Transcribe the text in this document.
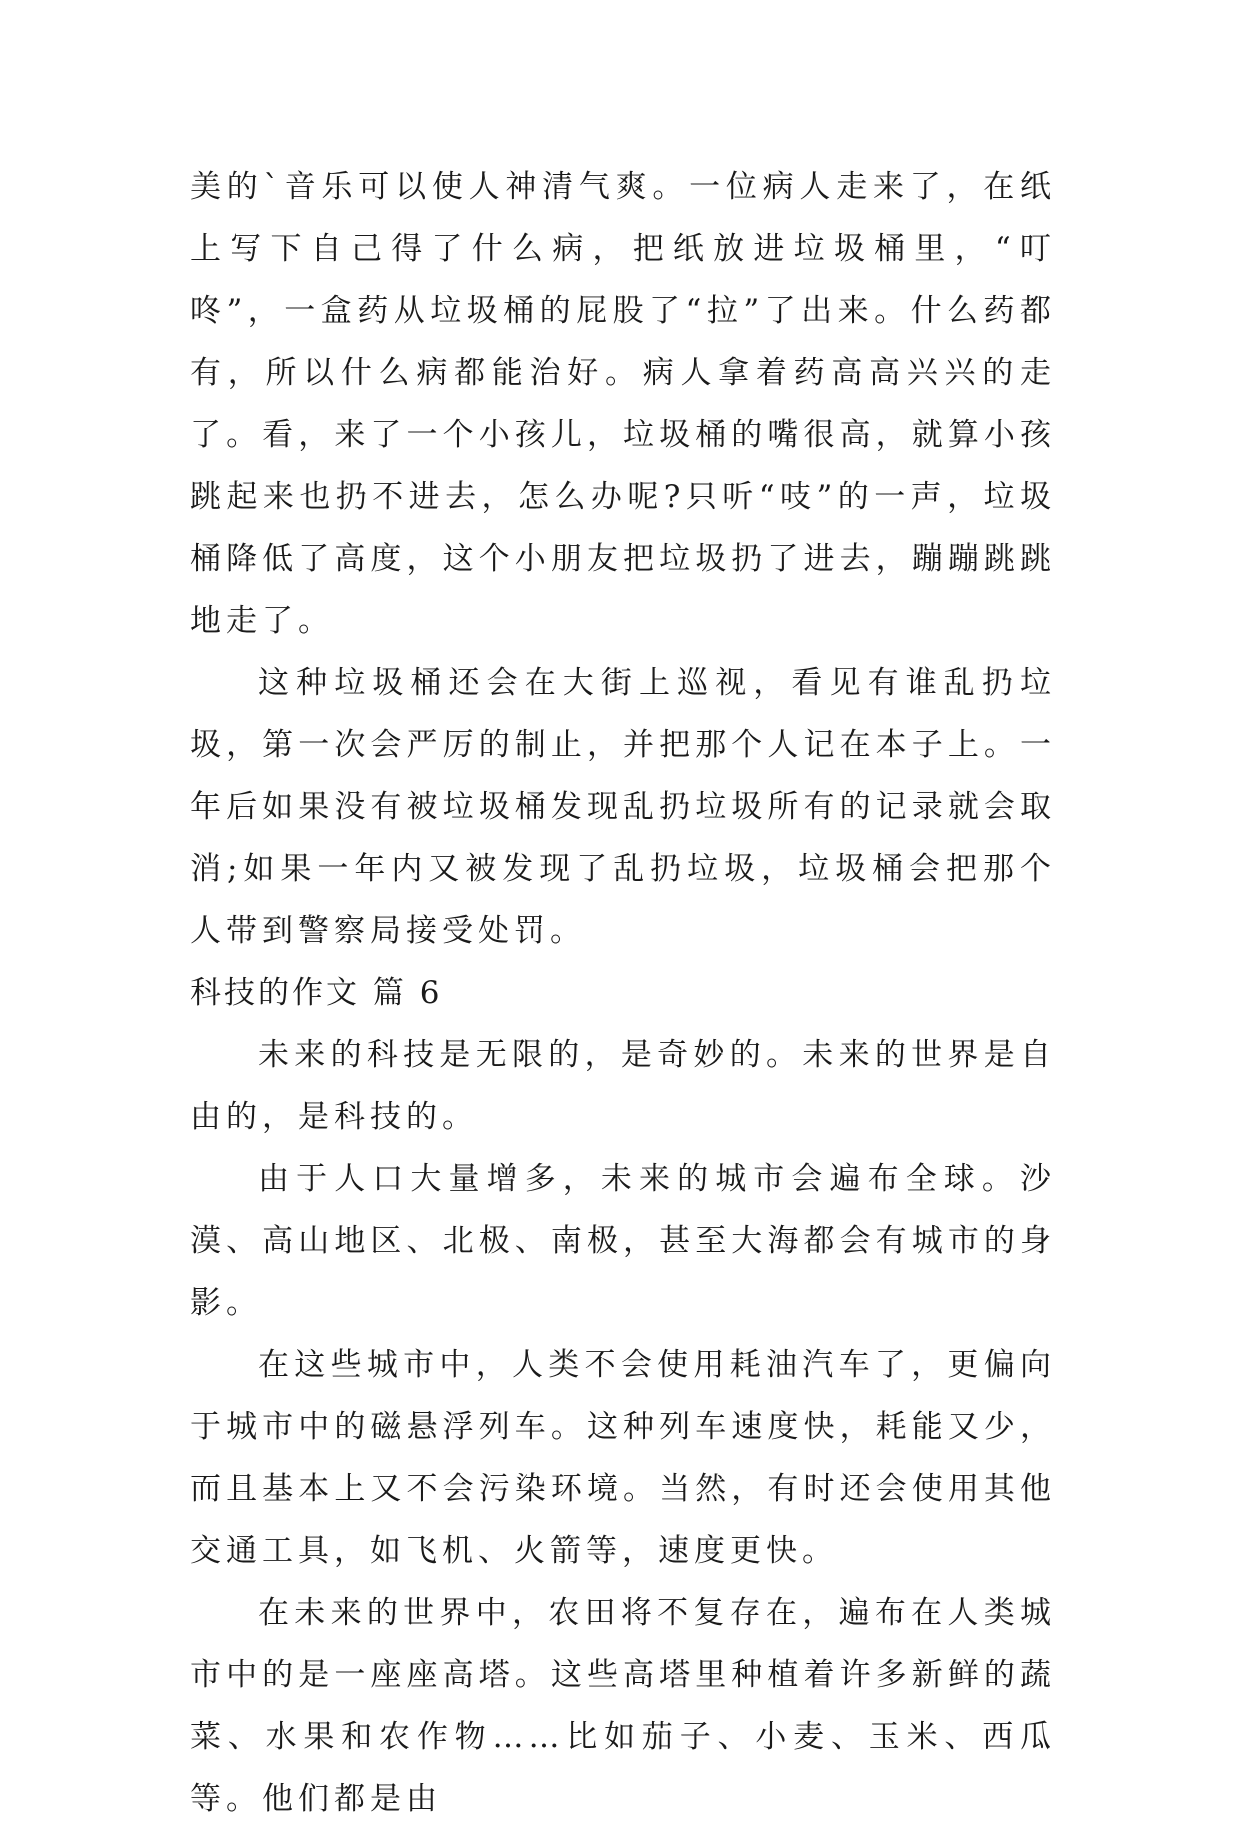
美的`音乐可以使人神清气爽。一位病人走来了，在纸上写下自己得了什么病，把纸放进垃圾桶里，“叮咚”，一盒药从垃圾桶的屁股了“拉”了出来。什么药都有，所以什么病都能治好。病人拿着药高高兴兴的走了。看，来了一个小孩儿，垃圾桶的嘴很高，就算小孩跳起来也扔不进去，怎么办呢?只听“吱”的一声，垃圾桶降低了高度，这个小朋友把垃圾扔了进去，蹦蹦跳跳地走了。

这种垃圾桶还会在大街上巡视，看见有谁乱扔垃圾，第一次会严厉的制止，并把那个人记在本子上。一年后如果没有被垃圾桶发现乱扔垃圾所有的记录就会取消;如果一年内又被发现了乱扔垃圾，垃圾桶会把那个人带到警察局接受处罚。

科技的作文 篇 6

未来的科技是无限的，是奇妙的。未来的世界是自由的，是科技的。

由于人口大量增多，未来的城市会遍布全球。沙漠、高山地区、北极、南极，甚至大海都会有城市的身影。

在这些城市中，人类不会使用耗油汽车了，更偏向于城市中的磁悬浮列车。这种列车速度快，耗能又少，而且基本上又不会污染环境。当然，有时还会使用其他交通工具，如飞机、火箭等，速度更快。

在未来的世界中，农田将不复存在，遍布在人类城市中的是一座座高塔。这些高塔里种植着许多新鲜的蔬菜、水果和农作物……比如茄子、小麦、玉米、西瓜等。他们都是由
